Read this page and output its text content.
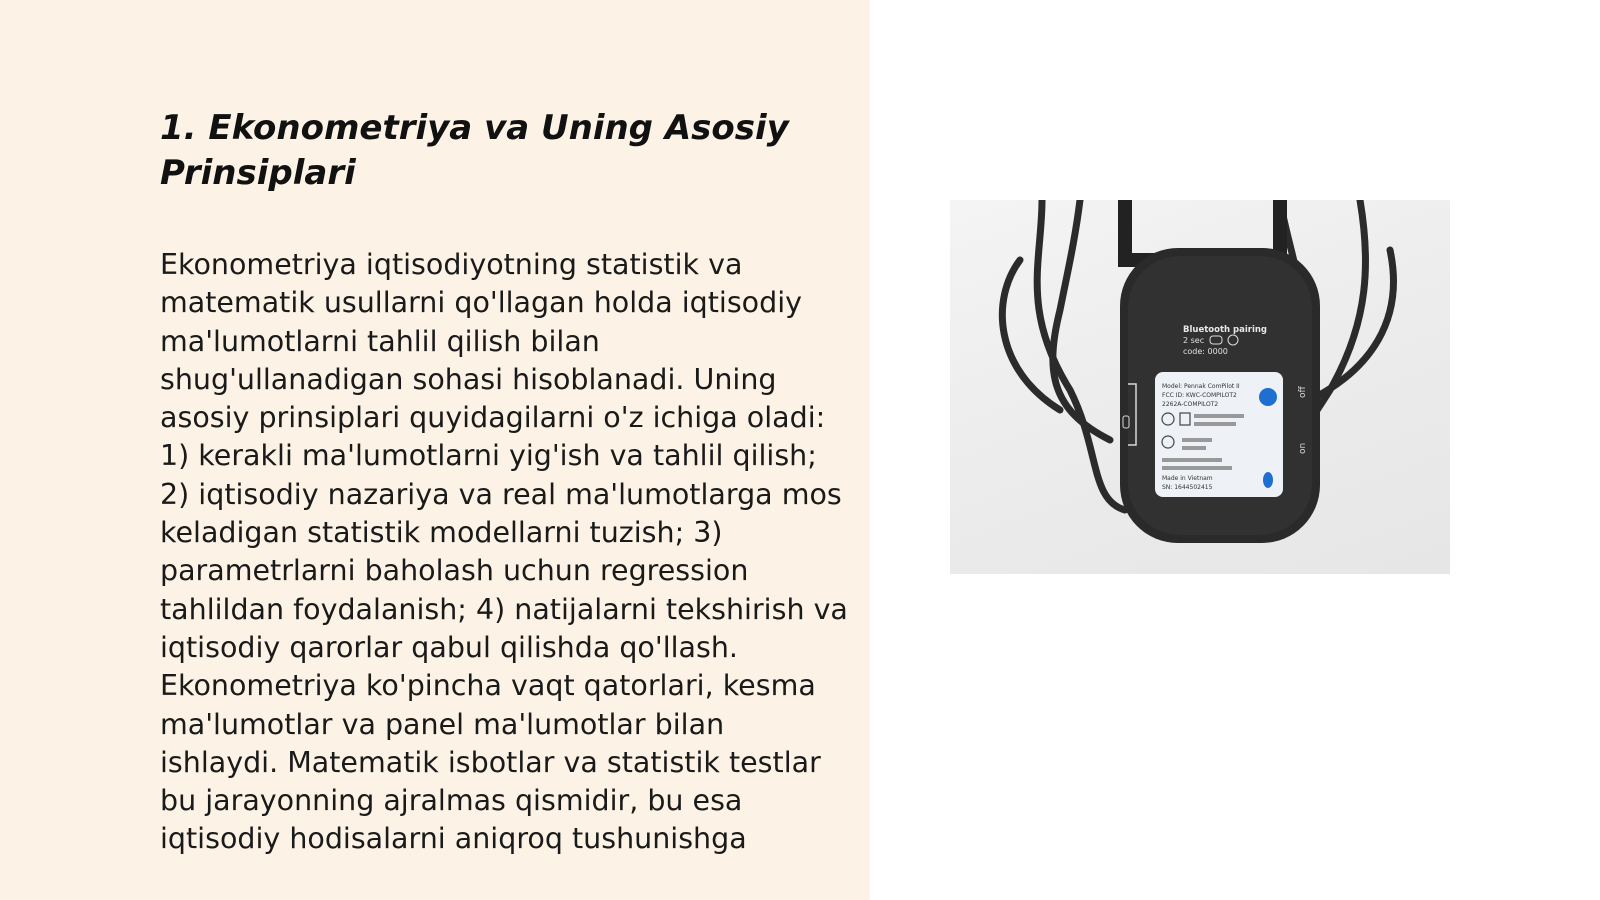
1. Ekonometriya va Uning Asosiy Prinsiplari

Ekonometriya iqtisodiyotning statistik va matematik usullarni qo'llagan holda iqtisodiy ma'lumotlarni tahlil qilish bilan shug'ullanadigan sohasi hisoblanadi. Uning asosiy prinsiplari quyidagilarni o'z ichiga oladi: 1) kerakli ma'lumotlarni yig'ish va tahlil qilish; 2) iqtisodiy nazariya va real ma'lumotlarga mos keladigan statistik modellarni tuzish; 3) parametrlarni baholash uchun regression tahlildan foydalanish; 4) natijalarni tekshirish va iqtisodiy qarorlar qabul qilishda qo'llash. Ekonometriya ko'pincha vaqt qatorlari, kesma ma'lumotlar va panel ma'lumotlar bilan ishlaydi. Matematik isbotlar va statistik testlar bu jarayonning ajralmas qismidir, bu esa iqtisodiy hodisalarni aniqroq tushunishga

Bluetooth pairing
2 sec
code: 0000
Model: Pennak ComPilot II
FCC ID: KWC-COMPILOT2
2262A-COMPILOT2
Made in Vietnam
SN: 1644502415
off
on
